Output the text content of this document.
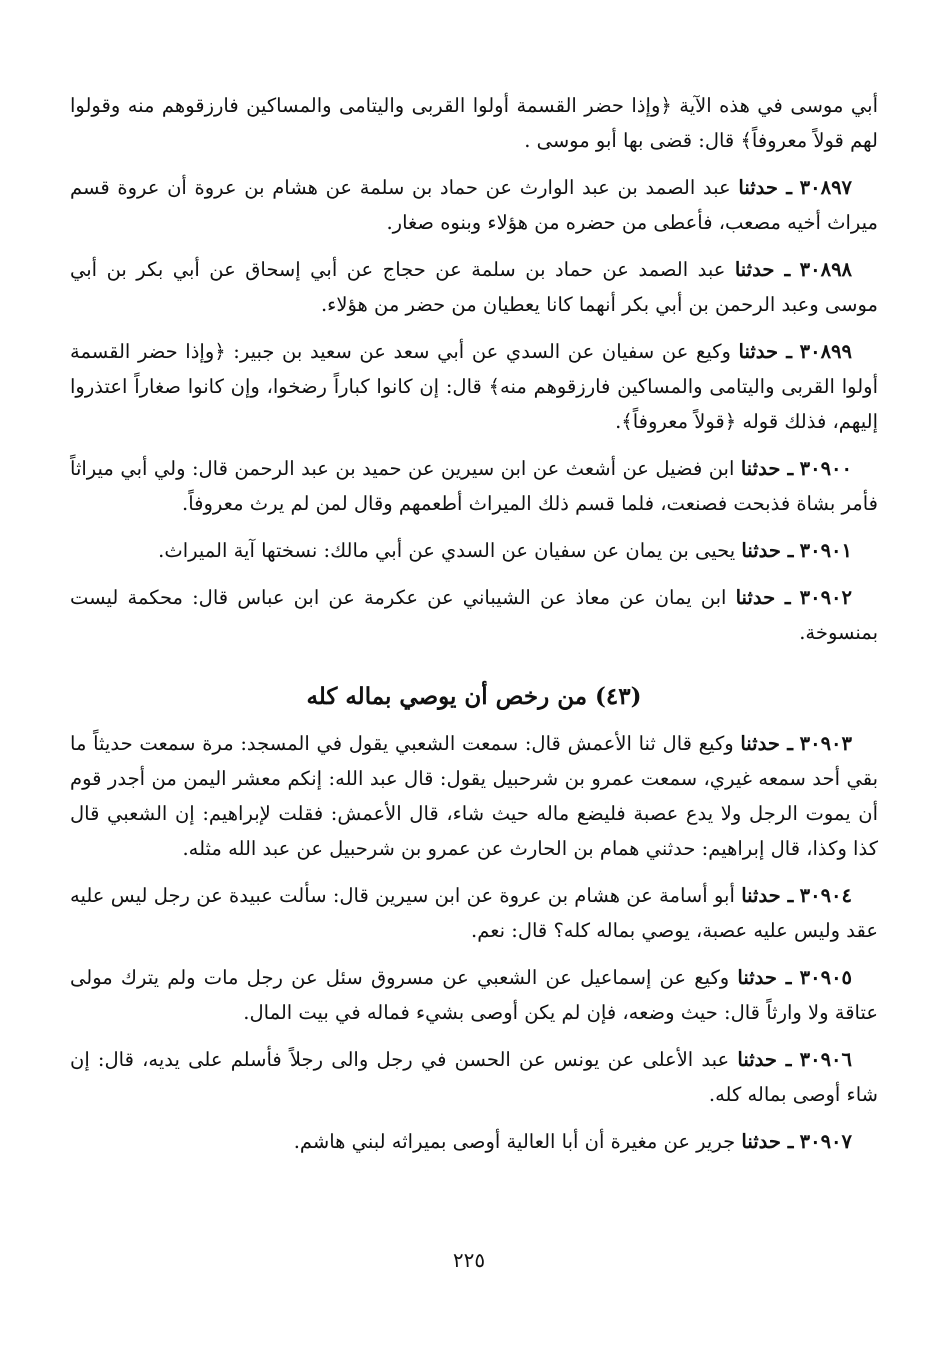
أبي موسى في هذه الآية ﴿وإذا حضر القسمة أولوا القربى واليتامى والمساكين فارزقوهم منه وقولوا لهم قولاً معروفاً﴾ قال: قضى بها أبو موسى .
٣٠٨٩٧ ـ حدثنا عبد الصمد بن عبد الوارث عن حماد بن سلمة عن هشام بن عروة أن عروة قسم ميراث أخيه مصعب، فأعطى من حضره من هؤلاء وبنوه صغار.
٣٠٨٩٨ ـ حدثنا عبد الصمد عن حماد بن سلمة عن حجاج عن أبي إسحاق عن أبي بكر بن أبي موسى وعبد الرحمن بن أبي بكر أنهما كانا يعطيان من حضر من هؤلاء.
٣٠٨٩٩ ـ حدثنا وكيع عن سفيان عن السدي عن أبي سعد عن سعيد بن جبير: ﴿وإذا حضر القسمة أولوا القربى واليتامى والمساكين فارزقوهم منه﴾ قال: إن كانوا كباراً رضخوا، وإن كانوا صغاراً اعتذروا إليهم، فذلك قوله ﴿قولاً معروفاً﴾.
٣٠٩٠٠ ـ حدثنا ابن فضيل عن أشعث عن ابن سيرين عن حميد بن عبد الرحمن قال: ولي أبي ميراثاً فأمر بشاة فذبحت فصنعت، فلما قسم ذلك الميراث أطعمهم وقال لمن لم يرث معروفاً.
٣٠٩٠١ ـ حدثنا يحيى بن يمان عن سفيان عن السدي عن أبي مالك: نسختها آية الميراث.
٣٠٩٠٢ ـ حدثنا ابن يمان عن معاذ عن الشيباني عن عكرمة عن ابن عباس قال: محكمة ليست بمنسوخة.
(٤٣) من رخص أن يوصي بماله كله
٣٠٩٠٣ ـ حدثنا وكيع قال ثنا الأعمش قال: سمعت الشعبي يقول في المسجد: مرة سمعت حديثاً ما بقي أحد سمعه غيري، سمعت عمرو بن شرحبيل يقول: قال عبد الله: إنكم معشر اليمن من أجدر قوم أن يموت الرجل ولا يدع عصبة فليضع ماله حيث شاء، قال الأعمش: فقلت لإبراهيم: إن الشعبي قال كذا وكذا، قال إبراهيم: حدثني همام بن الحارث عن عمرو بن شرحبيل عن عبد الله مثله.
٣٠٩٠٤ ـ حدثنا أبو أسامة عن هشام بن عروة عن ابن سيرين قال: سألت عبيدة عن رجل ليس عليه عقد وليس عليه عصبة، يوصي بماله كله؟ قال: نعم.
٣٠٩٠٥ ـ حدثنا وكيع عن إسماعيل عن الشعبي عن مسروق سئل عن رجل مات ولم يترك مولى عتاقة ولا وارثاً قال: حيث وضعه، فإن لم يكن أوصى بشيء فماله في بيت المال.
٣٠٩٠٦ ـ حدثنا عبد الأعلى عن يونس عن الحسن في رجل والى رجلاً فأسلم على يديه، قال: إن شاء أوصى بماله كله.
٣٠٩٠٧ ـ حدثنا جرير عن مغيرة أن أبا العالية أوصى بميراثه لبني هاشم.
٢٢٥
